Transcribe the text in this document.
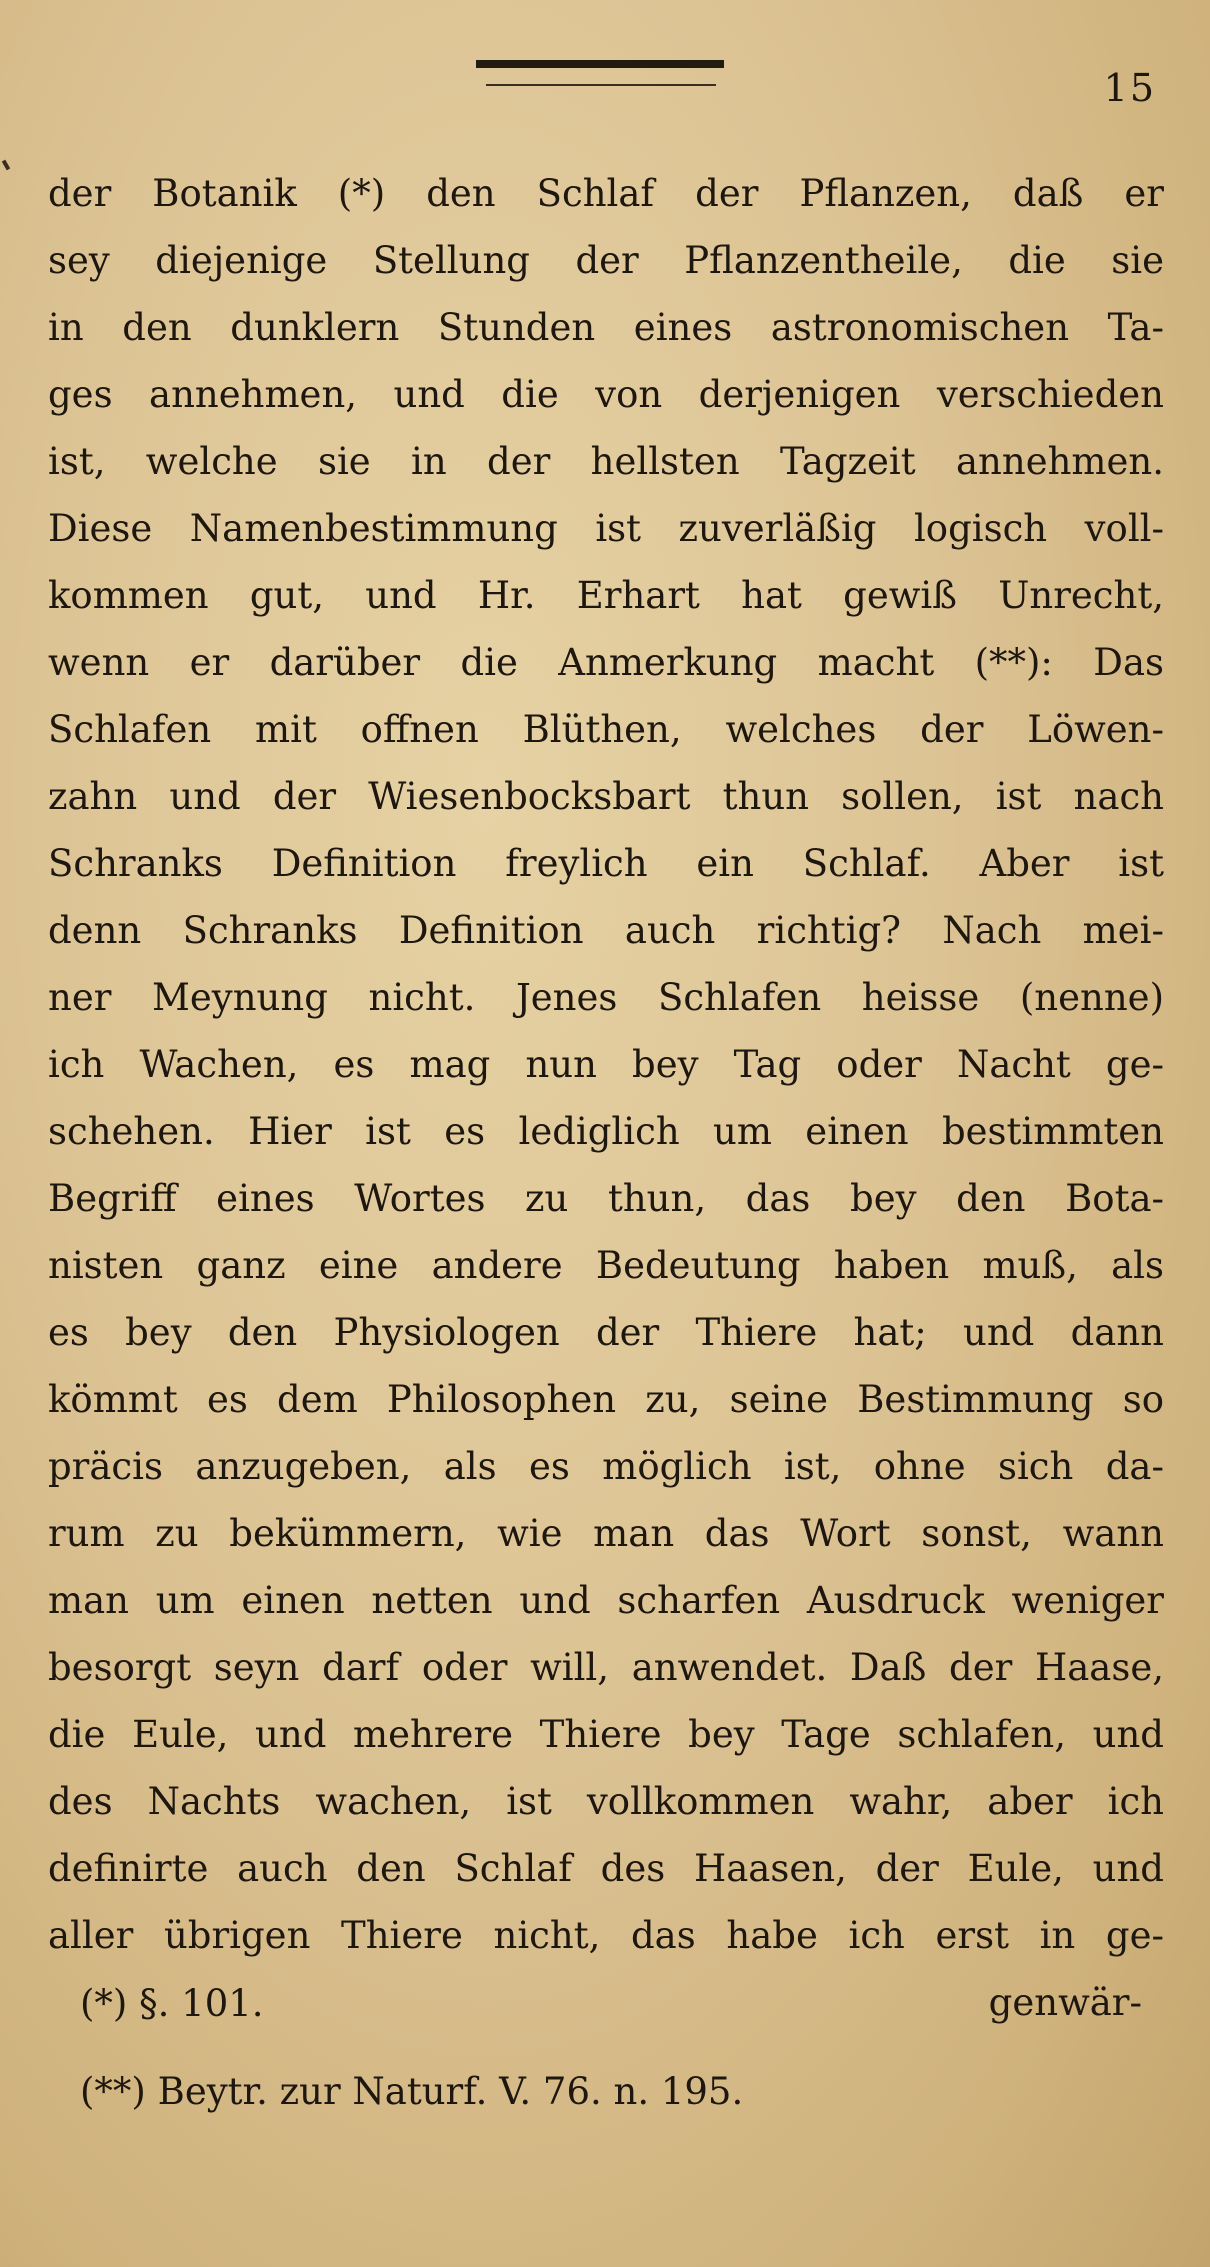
15
der Botanik (*) den Schlaf der Pflanzen, daß er
sey diejenige Stellung der Pflanzentheile, die sie
in den dunklern Stunden eines astronomischen Ta-
ges annehmen, und die von derjenigen verschieden
ist, welche sie in der hellsten Tagzeit annehmen.
Diese Namenbestimmung ist zuverläßig logisch voll-
kommen gut, und Hr. Erhart hat gewiß Unrecht,
wenn er darüber die Anmerkung macht (**): Das
Schlafen mit offnen Blüthen, welches der Löwen-
zahn und der Wiesenbocksbart thun sollen, ist nach
Schranks Definition freylich ein Schlaf. Aber ist
denn Schranks Definition auch richtig? Nach mei-
ner Meynung nicht. Jenes Schlafen heisse (nenne)
ich Wachen, es mag nun bey Tag oder Nacht ge-
schehen. Hier ist es lediglich um einen bestimmten
Begriff eines Wortes zu thun, das bey den Bota-
nisten ganz eine andere Bedeutung haben muß, als
es bey den Physiologen der Thiere hat; und dann
kömmt es dem Philosophen zu, seine Bestimmung so
präcis anzugeben, als es möglich ist, ohne sich da-
rum zu bekümmern, wie man das Wort sonst, wann
man um einen netten und scharfen Ausdruck weniger
besorgt seyn darf oder will, anwendet. Daß der Haase,
die Eule, und mehrere Thiere bey Tage schlafen, und
des Nachts wachen, ist vollkommen wahr, aber ich
definirte auch den Schlaf des Haasen, der Eule, und
aller übrigen Thiere nicht, das habe ich erst in ge-
genwär-
(*) §. 101.
(**) Beytr. zur Naturf. V. 76. n. 195.
